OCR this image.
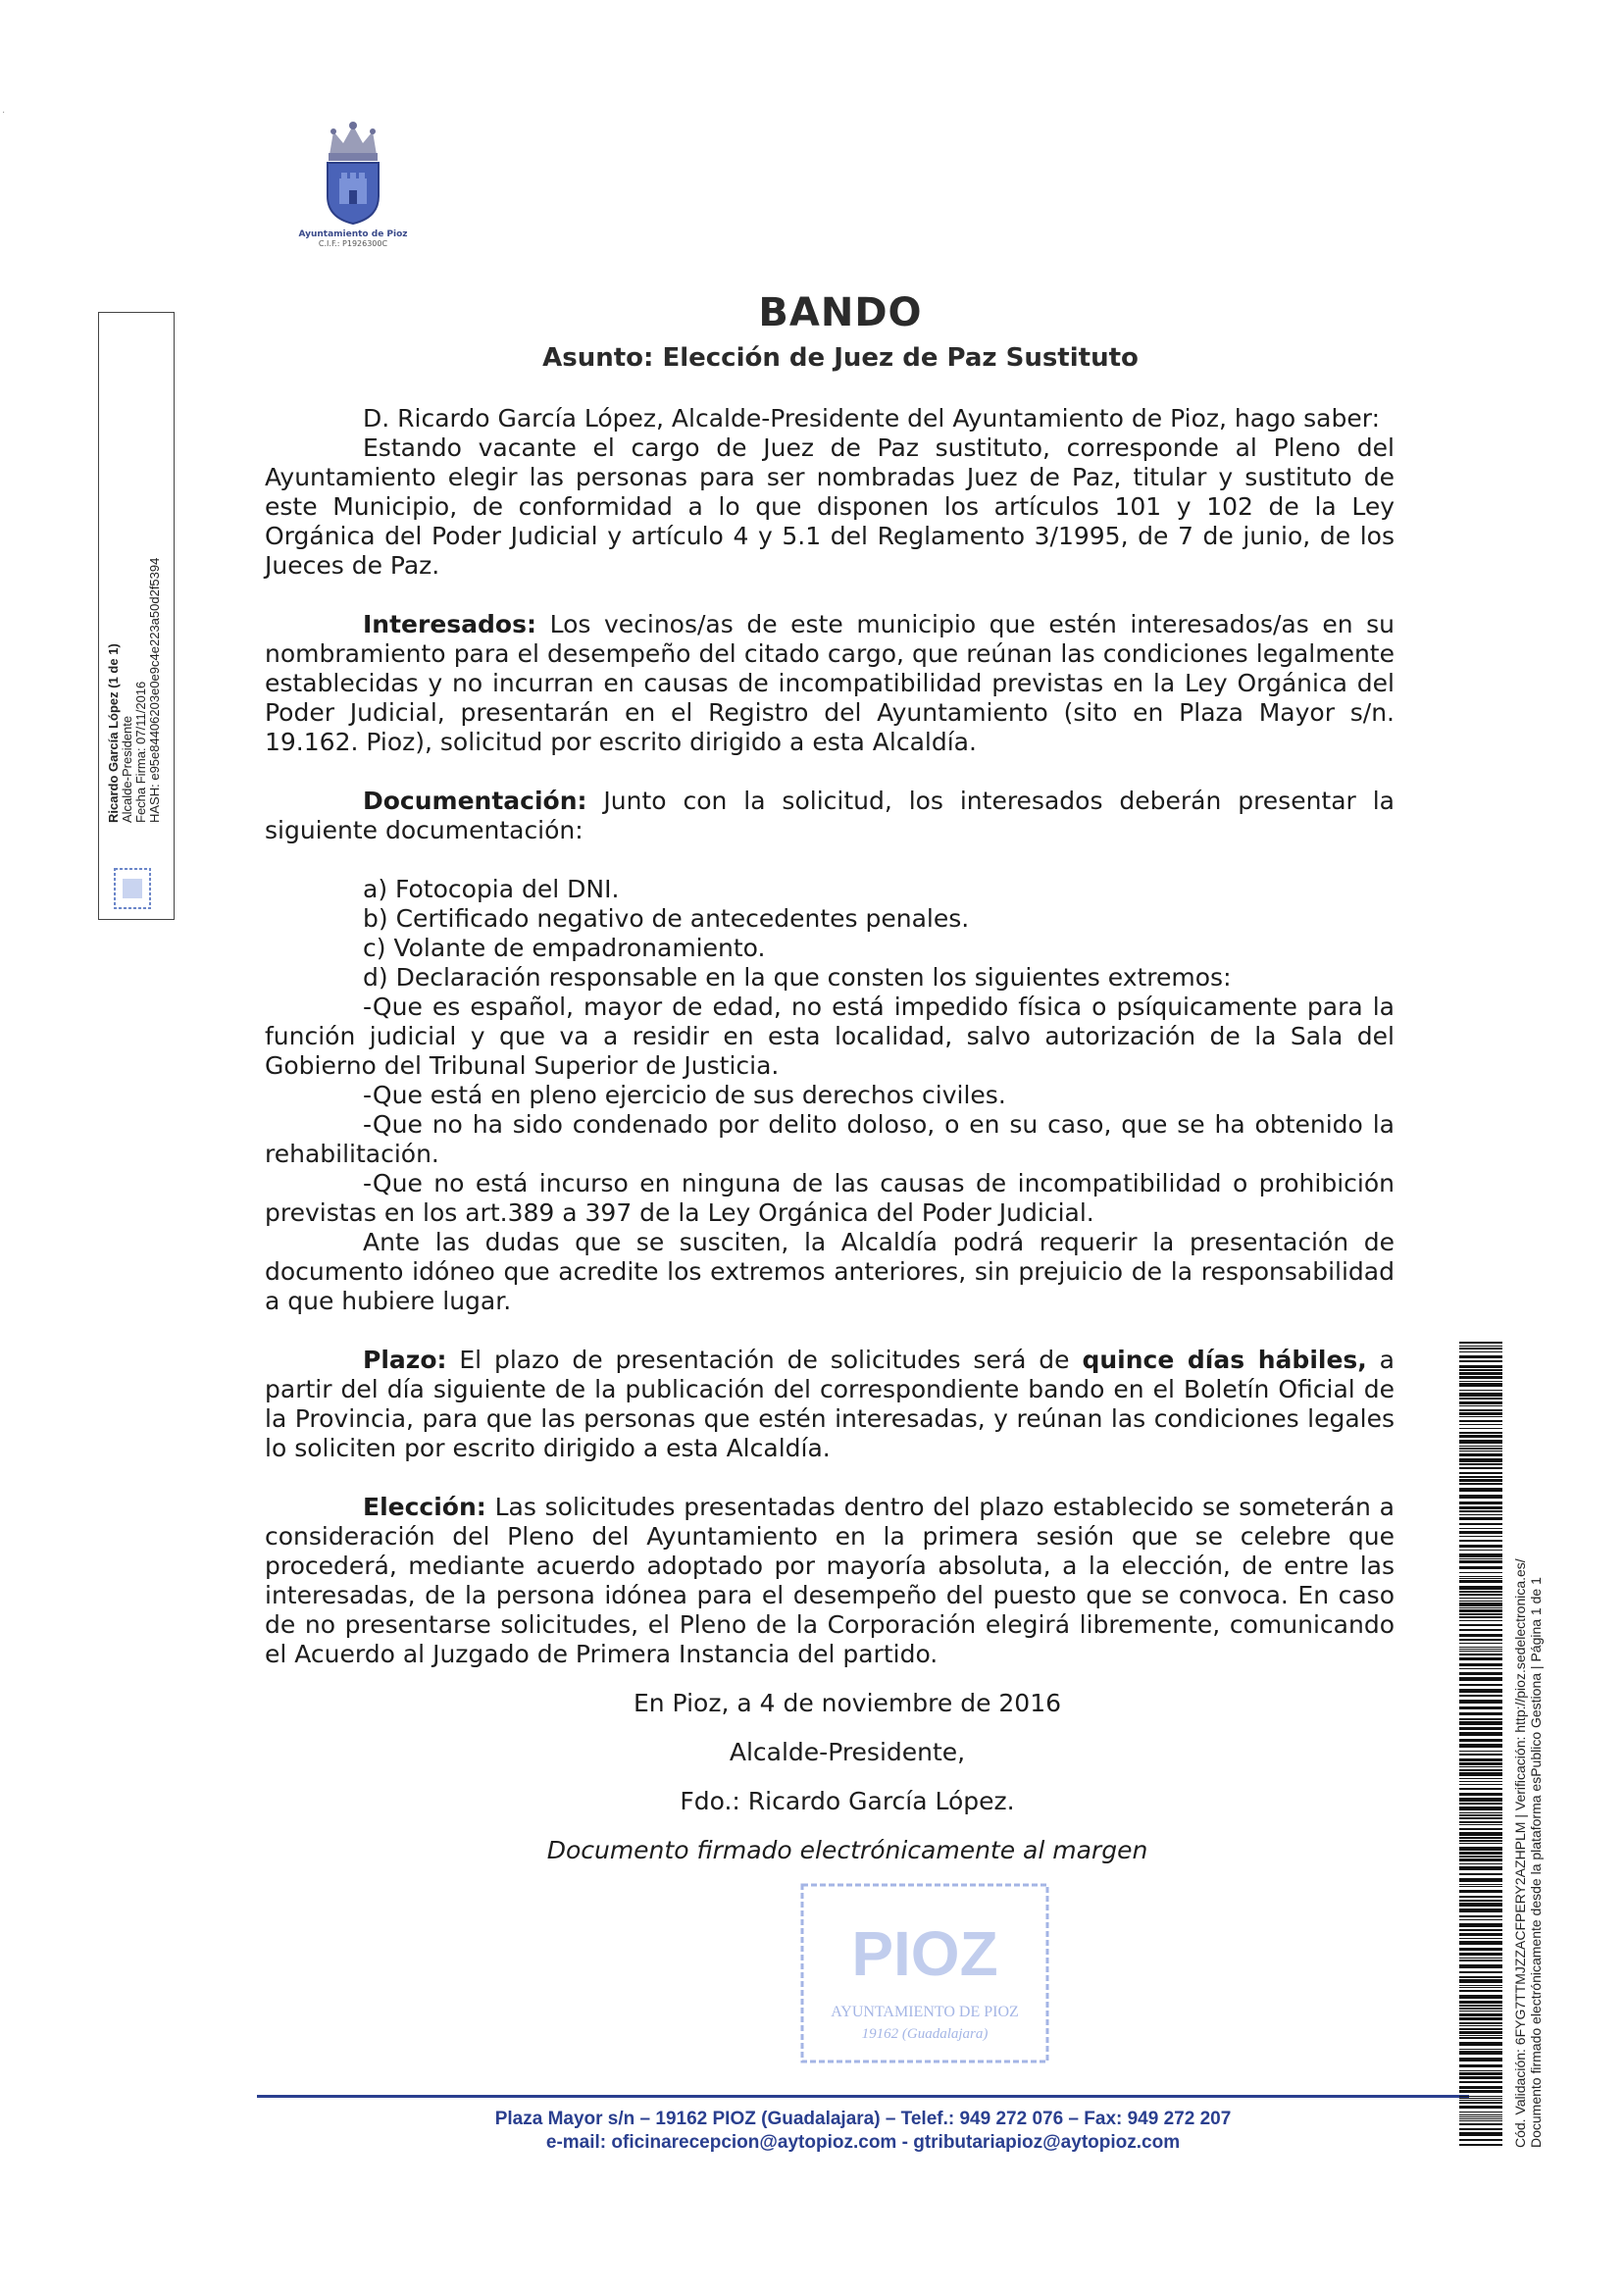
·
Ayuntamiento de Pioz
C.I.F.: P1926300C
Ricardo García López (1 de 1) Alcalde-Presidente Fecha Firma: 07/11/2016 HASH: e95e84406203e0e9c4e223a50d2f5394
BANDO
Asunto: Elección de Juez de Paz Sustituto

D. Ricardo García López, Alcalde-Presidente del Ayuntamiento de Pioz, hago saber:

Estando vacante el cargo de Juez de Paz sustituto, corresponde al Pleno del Ayuntamiento elegir las personas para ser nombradas Juez de Paz, titular y sustituto de este Municipio, de conformidad a lo que disponen los artículos 101 y 102 de la Ley Orgánica del Poder Judicial y artículo 4 y 5.1 del Reglamento 3/1995, de 7 de junio, de los Jueces de Paz.

Interesados: Los vecinos/as de este municipio que estén interesados/as en su nombramiento para el desempeño del citado cargo, que reúnan las condiciones legalmente establecidas y no incurran en causas de incompatibilidad previstas en la Ley Orgánica del Poder Judicial, presentarán en el Registro del Ayuntamiento (sito en Plaza Mayor s/n. 19.162. Pioz), solicitud por escrito dirigido a esta Alcaldía.

Documentación: Junto con la solicitud, los interesados deberán presentar la siguiente documentación:

a) Fotocopia del DNI.

b) Certificado negativo de antecedentes penales.

c) Volante de empadronamiento.

d) Declaración responsable en la que consten los siguientes extremos:

-Que es español, mayor de edad, no está impedido física o psíquicamente para la función judicial y que va a residir en esta localidad, salvo autorización de la Sala del Gobierno del Tribunal Superior de Justicia.

-Que está en pleno ejercicio de sus derechos civiles.

-Que no ha sido condenado por delito doloso, o en su caso, que se ha obtenido la rehabilitación.

-Que no está incurso en ninguna de las causas de incompatibilidad o prohibición previstas en los art.389 a 397 de la Ley Orgánica del Poder Judicial.

Ante las dudas que se susciten, la Alcaldía podrá requerir la presentación de documento idóneo que acredite los extremos anteriores, sin prejuicio de la responsabilidad a que hubiere lugar.

Plazo: El plazo de presentación de solicitudes será de quince días hábiles, a partir del día siguiente de la publicación del correspondiente bando en el Boletín Oficial de la Provincia, para que las personas que estén interesadas, y reúnan las condiciones legales lo soliciten por escrito dirigido a esta Alcaldía.

Elección: Las solicitudes presentadas dentro del plazo establecido se someterán a consideración del Pleno del Ayuntamiento en la primera sesión que se celebre que procederá, mediante acuerdo adoptado por mayoría absoluta, a la elección, de entre las interesadas, de la persona idónea para el desempeño del puesto que se convoca. En caso de no presentarse solicitudes, el Pleno de la Corporación elegirá libremente, comunicando el Acuerdo al Juzgado de Primera Instancia del partido.

En Pioz, a 4 de noviembre de 2016

Alcalde-Presidente,

Fdo.: Ricardo García López.

Documento firmado electrónicamente al margen

PIOZ
AYUNTAMIENTO DE PIOZ
19162 (Guadalajara)
Plaza Mayor s/n – 19162 PIOZ (Guadalajara) – Telef.: 949 272 076 – Fax: 949 272 207
e-mail: oficinarecepcion@aytopioz.com - gtributariapioz@aytopioz.com	Cód. Validación: 6FYG7TTMJZZACFPERY2AZHPLM | Verificación: http://pioz.sedelectronica.es/ Documento firmado electrónicamente desde la plataforma esPublico Gestiona | Página 1 de 1
